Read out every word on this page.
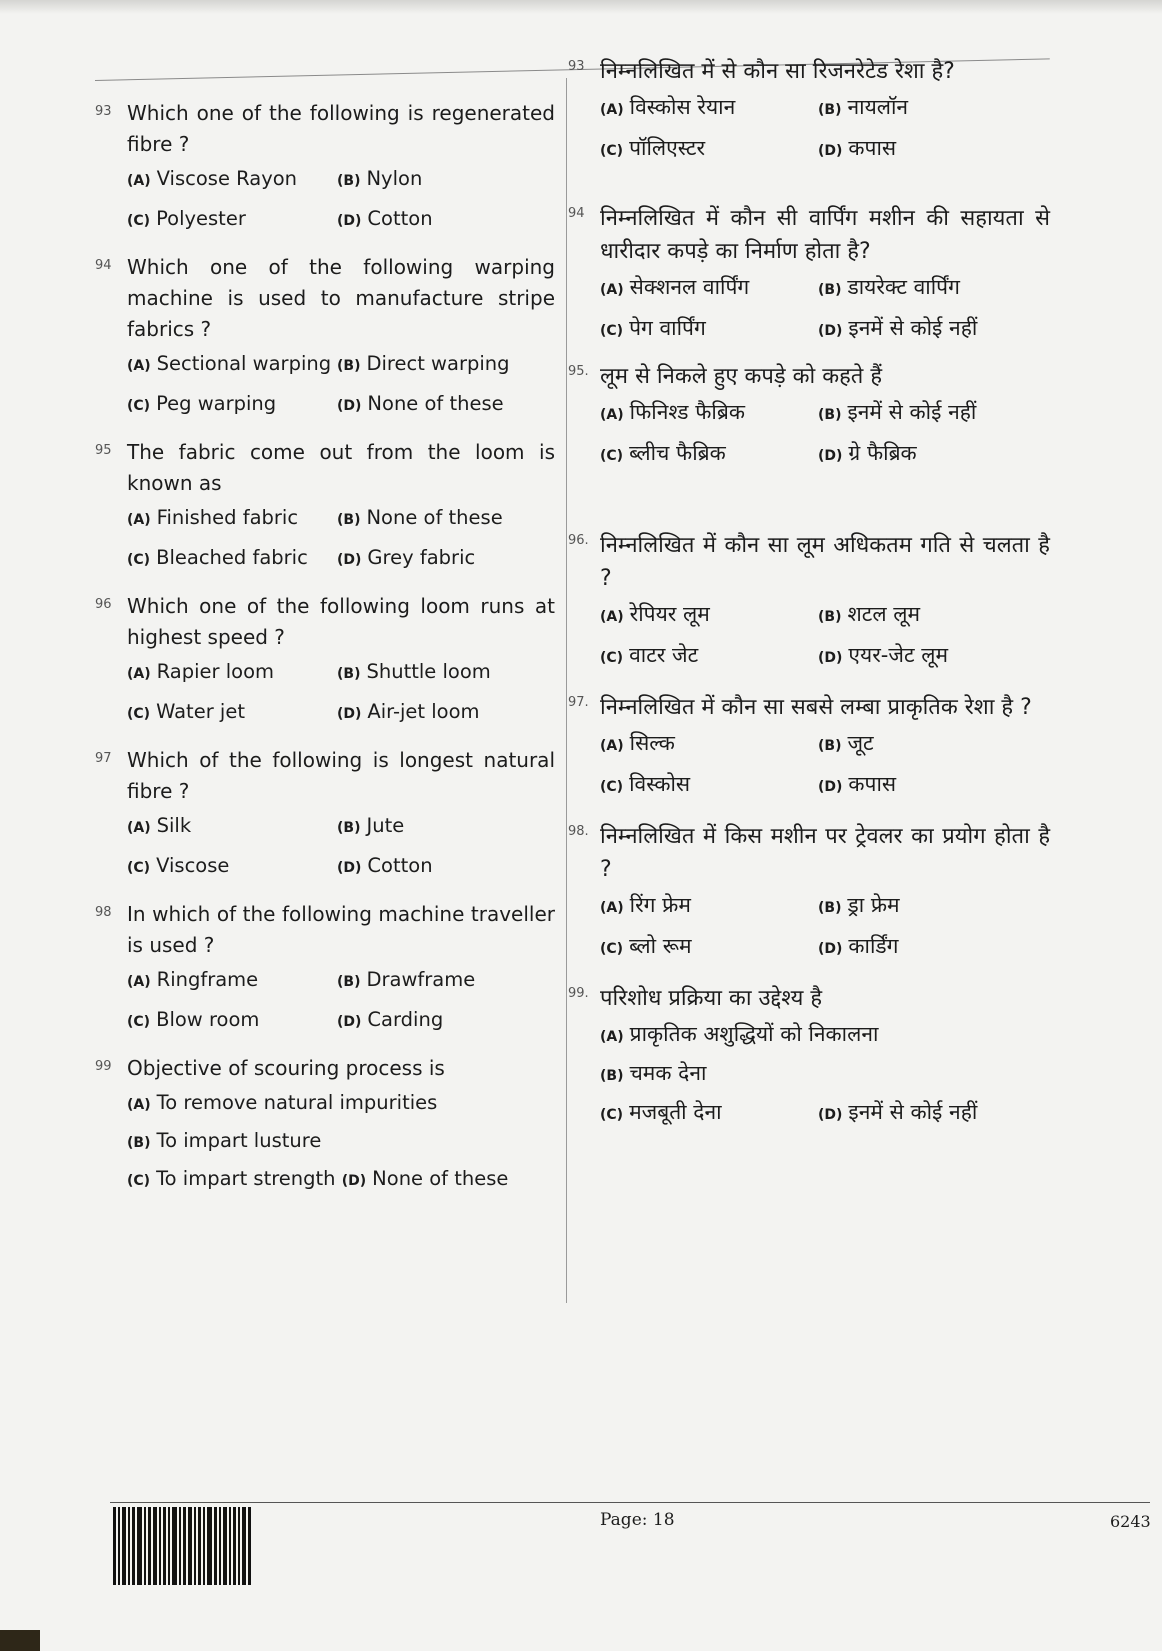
93 Which one of the following is regenerated fibre ?
(A) Viscose Rayon	(B) Nylon
(C) Polyester	(D) Cotton
94 Which one of the following warping machine is used to manufacture stripe fabrics ?
(A) Sectional warping (B) Direct warping
(C) Peg warping	(D) None of these
95 The fabric come out from the loom is known as
(A) Finished fabric	(B) None of these
(C) Bleached fabric	(D) Grey fabric
96 Which one of the following loom runs at highest speed ?
(A) Rapier loom	(B) Shuttle loom
(C) Water jet	(D) Air-jet loom
97 Which of the following is longest natural fibre ?
(A) Silk	(B) Jute
(C) Viscose	(D) Cotton
98 In which of the following machine traveller is used ?
(A) Ringframe	(B) Drawframe
(C) Blow room	(D) Carding
99 Objective of scouring process is
(A) To remove natural impurities
(B) To impart lusture
(C) To impart strength (D) None of these
93 निम्नलिखित में से कौन सा रिजनरेटेड रेशा है?
(A) विस्कोस रेयान	(B) नायलॉन
(C) पॉलिएस्टर	(D) कपास
94 निम्नलिखित में कौन सी वार्पिंग मशीन की सहायता से धारीदार कपड़े का निर्माण होता है?
(A) सेक्शनल वार्पिंग	(B) डायरेक्ट वार्पिंग
(C) पेग वार्पिंग	(D) इनमें से कोई नहीं
95. लूम से निकले हुए कपड़े को कहते हैं
(A) फिनिश्ड फैब्रिक	(B) इनमें से कोई नहीं
(C) ब्लीच फैब्रिक	(D) ग्रे फैब्रिक
96. निम्नलिखित में कौन सा लूम अधिकतम गति से चलता है ?
(A) रेपियर लूम	(B) शटल लूम
(C) वाटर जेट	(D) एयर-जेट लूम
97. निम्नलिखित में कौन सा सबसे लम्बा प्राकृतिक रेशा है ?
(A) सिल्क	(B) जूट
(C) विस्कोस	(D) कपास
98. निम्नलिखित में किस मशीन पर ट्रेवलर का प्रयोग होता है ?
(A) रिंग फ्रेम	(B) ड्रा फ्रेम
(C) ब्लो रूम	(D) कार्डिंग
99. परिशोध प्रक्रिया का उद्देश्य है
(A) प्राकृतिक अशुद्धियों को निकालना
(B) चमक देना
(C) मजबूती देना	(D) इनमें से कोई नहीं
Page: 18	6243
